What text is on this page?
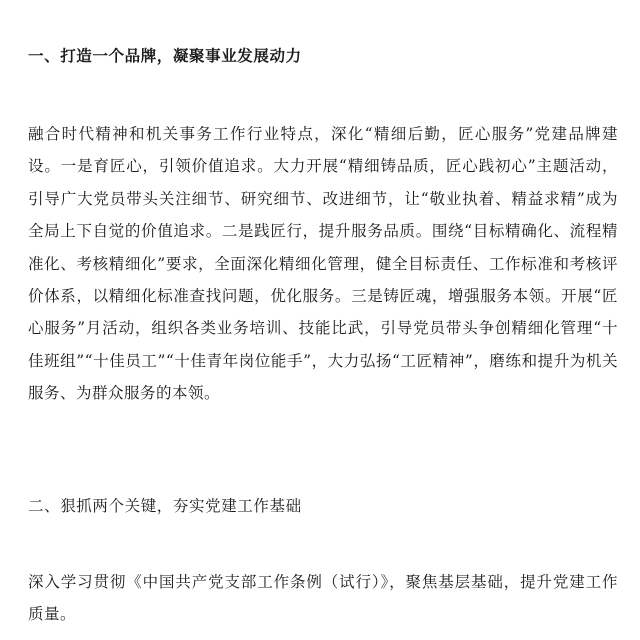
一、打造一个品牌，凝聚事业发展动力
融合时代精神和机关事务工作行业特点，深化“精细后勤，匠心服务”党建品牌建设。一是育匠心，引领价值追求。大力开展“精细铸品质，匠心践初心”主题活动，引导广大党员带头关注细节、研究细节、改进细节，让“敬业执着、精益求精”成为全局上下自觉的价值追求。二是践匠行，提升服务品质。围绕“目标精确化、流程精准化、考核精细化”要求，全面深化精细化管理，健全目标责任、工作标准和考核评价体系，以精细化标准查找问题，优化服务。三是铸匠魂，增强服务本领。开展“匠心服务”月活动，组织各类业务培训、技能比武，引导党员带头争创精细化管理“十佳班组”“十佳员工”“十佳青年岗位能手”，大力弘扬“工匠精神”，磨练和提升为机关服务、为群众服务的本领。
二、狠抓两个关键，夯实党建工作基础
深入学习贯彻《中国共产党支部工作条例（试行）》，聚焦基层基础，提升党建工作质量。
